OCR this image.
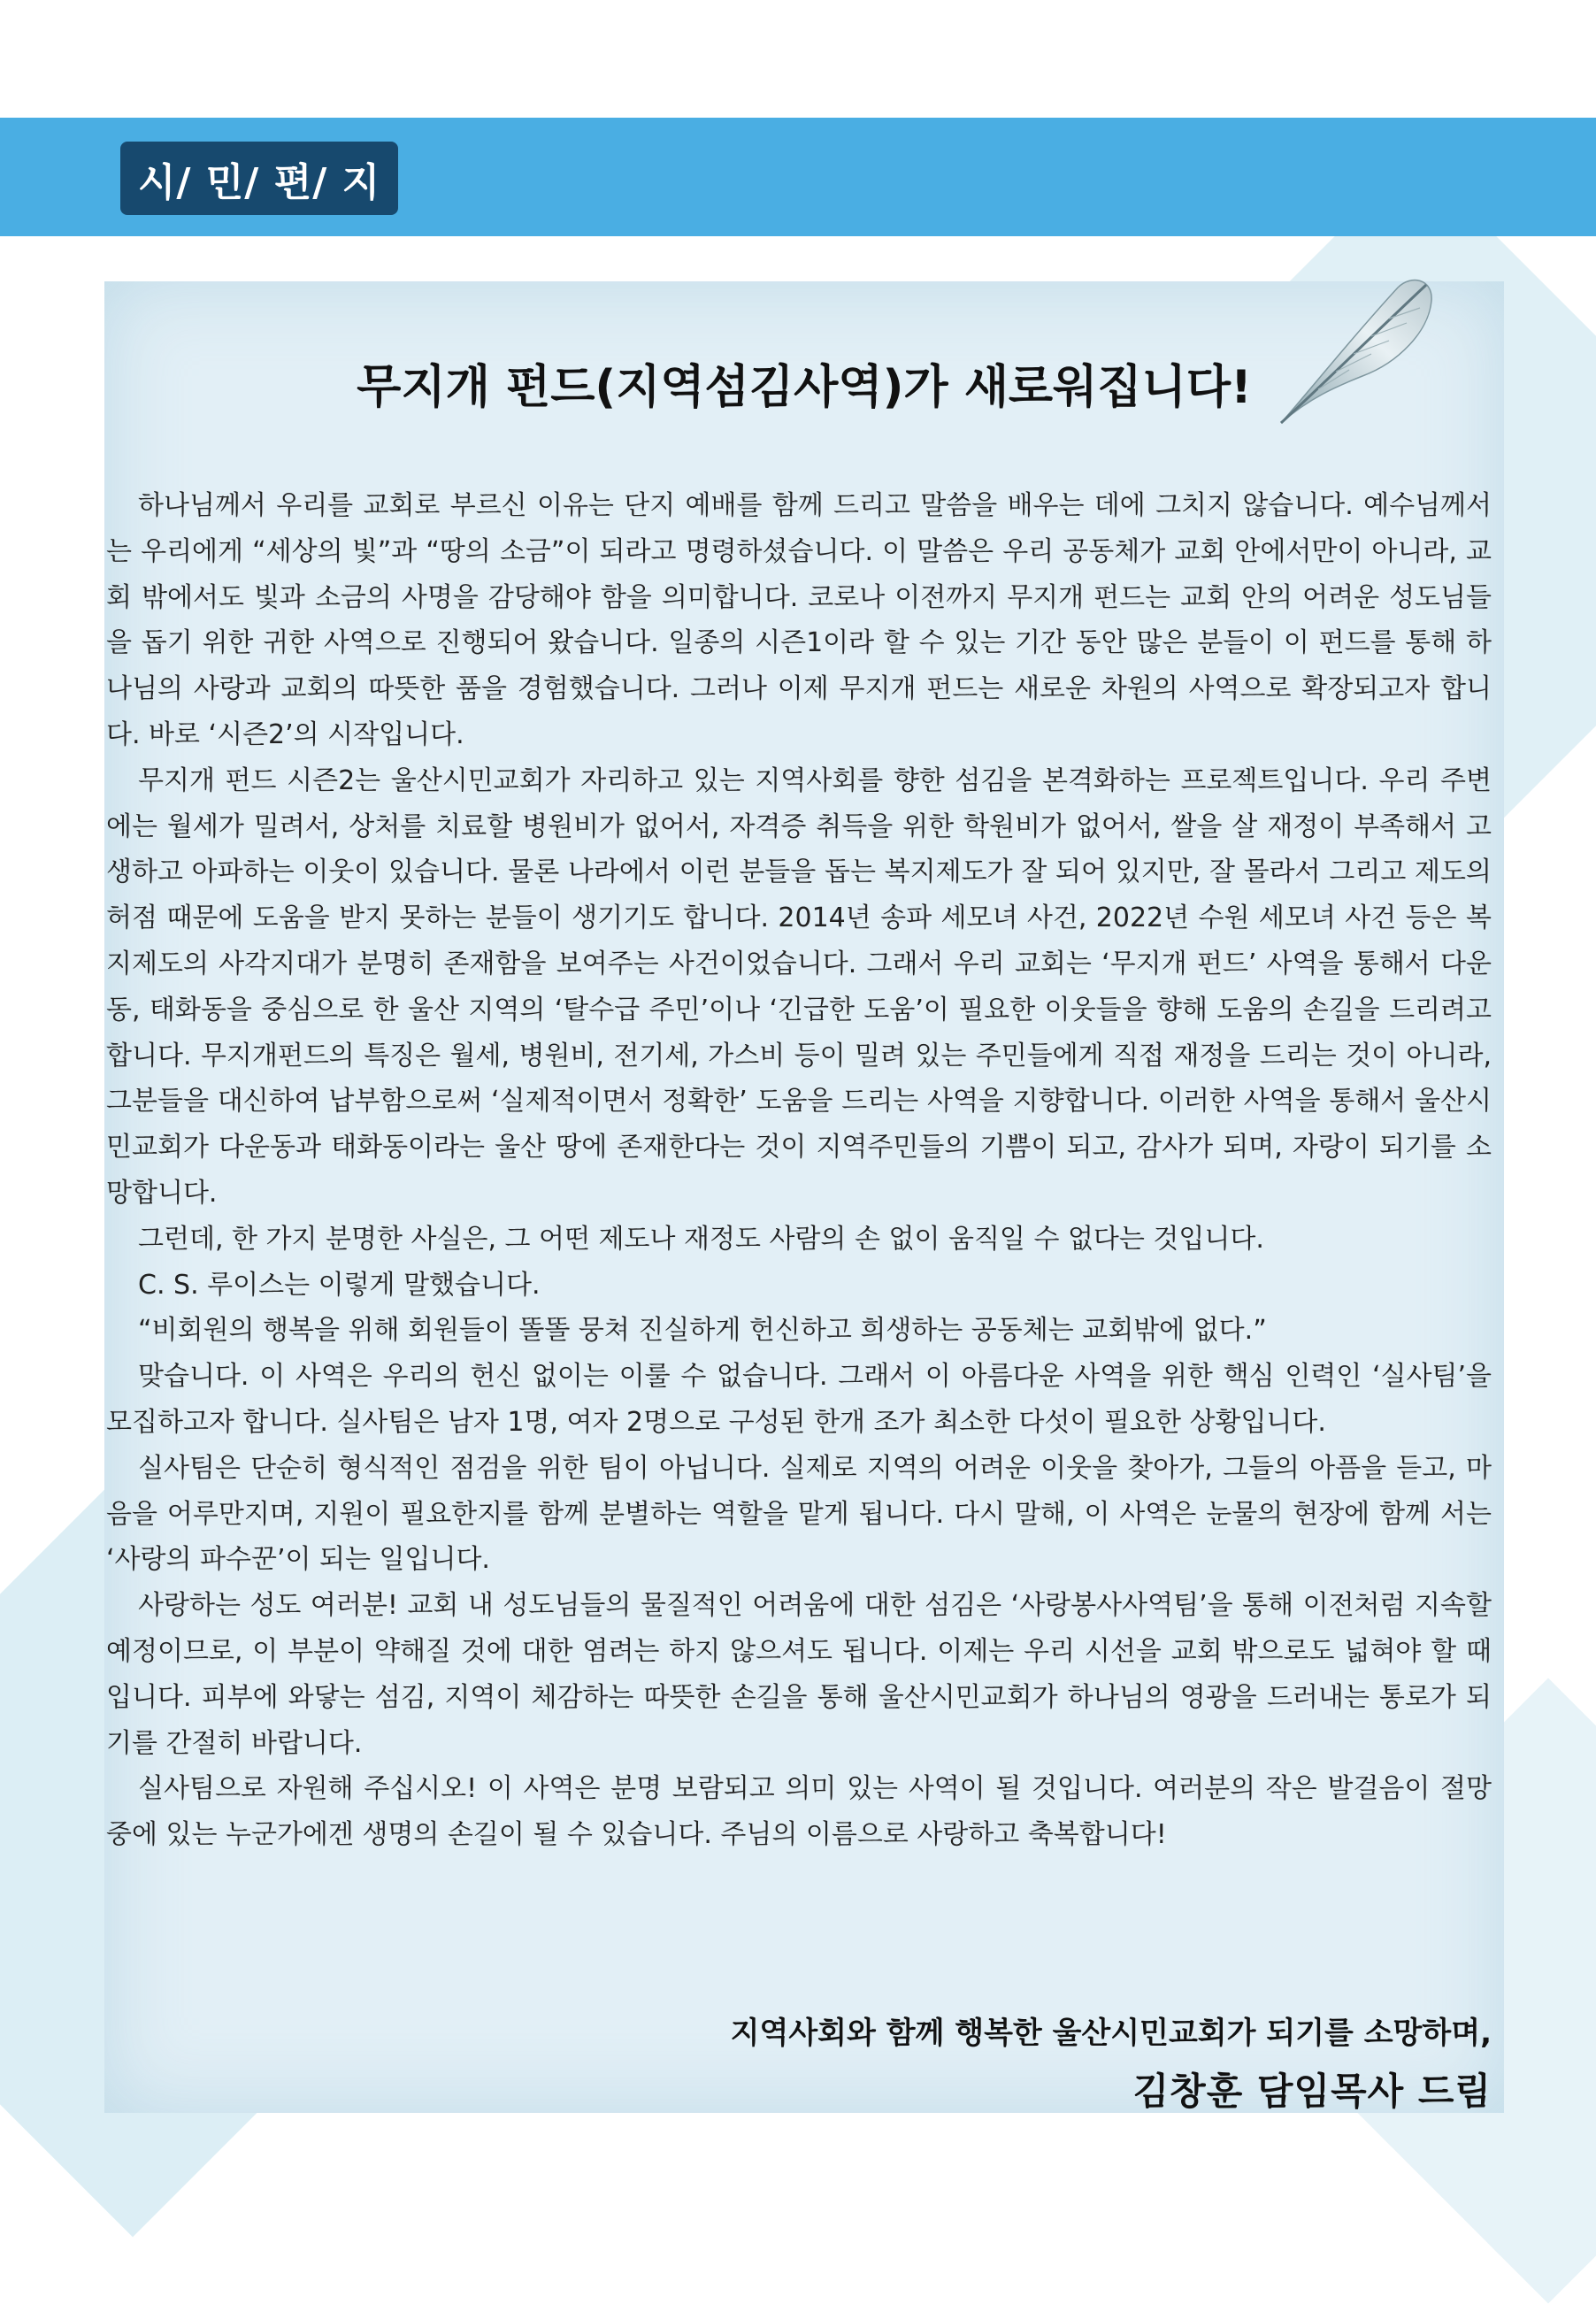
시/ 민/ 편/ 지
무지개 펀드(지역섬김사역)가 새로워집니다!

하나님께서 우리를 교회로 부르신 이유는 단지 예배를 함께 드리고 말씀을 배우는 데에 그치지 않습니다. 예수님께서는 우리에게 “세상의 빛”과 “땅의 소금”이 되라고 명령하셨습니다. 이 말씀은 우리 공동체가 교회 안에서만이 아니라, 교회 밖에서도 빛과 소금의 사명을 감당해야 함을 의미합니다. 코로나 이전까지 무지개 펀드는 교회 안의 어려운 성도님들을 돕기 위한 귀한 사역으로 진행되어 왔습니다. 일종의 시즌1이라 할 수 있는 기간 동안 많은 분들이 이 펀드를 통해 하나님의 사랑과 교회의 따뜻한 품을 경험했습니다. 그러나 이제 무지개 펀드는 새로운 차원의 사역으로 확장되고자 합니다. 바로 ‘시즌2’의 시작입니다.

무지개 펀드 시즌2는 울산시민교회가 자리하고 있는 지역사회를 향한 섬김을 본격화하는 프로젝트입니다. 우리 주변에는 월세가 밀려서, 상처를 치료할 병원비가 없어서, 자격증 취득을 위한 학원비가 없어서, 쌀을 살 재정이 부족해서 고생하고 아파하는 이웃이 있습니다. 물론 나라에서 이런 분들을 돕는 복지제도가 잘 되어 있지만, 잘 몰라서 그리고 제도의 허점 때문에 도움을 받지 못하는 분들이 생기기도 합니다. 2014년 송파 세모녀 사건, 2022년 수원 세모녀 사건 등은 복지제도의 사각지대가 분명히 존재함을 보여주는 사건이었습니다. 그래서 우리 교회는 ‘무지개 펀드’ 사역을 통해서 다운동, 태화동을 중심으로 한 울산 지역의 ‘탈수급 주민’이나 ‘긴급한 도움’이 필요한 이웃들을 향해 도움의 손길을 드리려고 합니다. 무지개펀드의 특징은 월세, 병원비, 전기세, 가스비 등이 밀려 있는 주민들에게 직접 재정을 드리는 것이 아니라, 그분들을 대신하여 납부함으로써 ‘실제적이면서 정확한’ 도움을 드리는 사역을 지향합니다. 이러한 사역을 통해서 울산시민교회가 다운동과 태화동이라는 울산 땅에 존재한다는 것이 지역주민들의 기쁨이 되고, 감사가 되며, 자랑이 되기를 소망합니다.

그런데, 한 가지 분명한 사실은, 그 어떤 제도나 재정도 사람의 손 없이 움직일 수 없다는 것입니다.

C. S. 루이스는 이렇게 말했습니다.

“비회원의 행복을 위해 회원들이 똘똘 뭉쳐 진실하게 헌신하고 희생하는 공동체는 교회밖에 없다.”

맞습니다. 이 사역은 우리의 헌신 없이는 이룰 수 없습니다. 그래서 이 아름다운 사역을 위한 핵심 인력인 ‘실사팀’을 모집하고자 합니다. 실사팀은 남자 1명, 여자 2명으로 구성된 한개 조가 최소한 다섯이 필요한 상황입니다.

실사팀은 단순히 형식적인 점검을 위한 팀이 아닙니다. 실제로 지역의 어려운 이웃을 찾아가, 그들의 아픔을 듣고, 마음을 어루만지며, 지원이 필요한지를 함께 분별하는 역할을 맡게 됩니다. 다시 말해, 이 사역은 눈물의 현장에 함께 서는 ‘사랑의 파수꾼’이 되는 일입니다.

사랑하는 성도 여러분! 교회 내 성도님들의 물질적인 어려움에 대한 섬김은 ‘사랑봉사사역팀’을 통해 이전처럼 지속할 예정이므로, 이 부분이 약해질 것에 대한 염려는 하지 않으셔도 됩니다. 이제는 우리 시선을 교회 밖으로도 넓혀야 할 때입니다. 피부에 와닿는 섬김, 지역이 체감하는 따뜻한 손길을 통해 울산시민교회가 하나님의 영광을 드러내는 통로가 되기를 간절히 바랍니다.

실사팀으로 자원해 주십시오! 이 사역은 분명 보람되고 의미 있는 사역이 될 것입니다. 여러분의 작은 발걸음이 절망 중에 있는 누군가에겐 생명의 손길이 될 수 있습니다. 주님의 이름으로 사랑하고 축복합니다!

지역사회와 함께 행복한 울산시민교회가 되기를 소망하며,
김창훈 담임목사 드림
